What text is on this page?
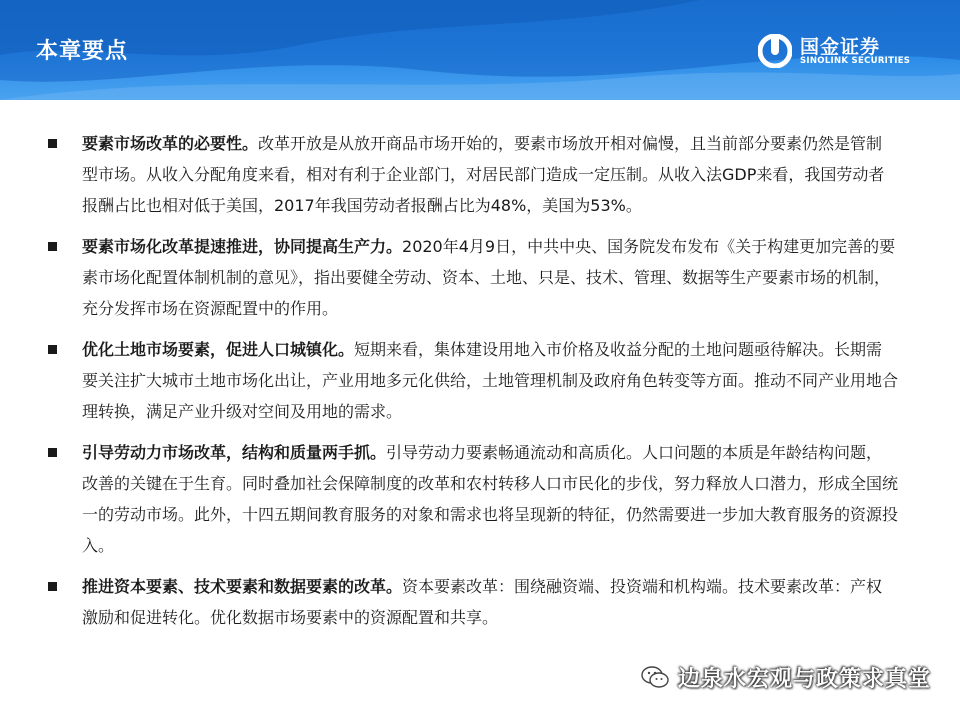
本章要点	国金证券
SINOLINK SECURITIES
要素市场改革的必要性。改革开放是从放开商品市场开始的，要素市场放开相对偏慢，且当前部分要素仍然是管制型市场。从收入分配角度来看，相对有利于企业部门，对居民部门造成一定压制。从收入法GDP来看，我国劳动者报酬占比也相对低于美国，2017年我国劳动者报酬占比为48%，美国为53%。
要素市场化改革提速推进，协同提高生产力。2020年4月9日，中共中央、国务院发布发布《关于构建更加完善的要素市场化配置体制机制的意见》，指出要健全劳动、资本、土地、只是、技术、管理、数据等生产要素市场的机制，充分发挥市场在资源配置中的作用。
优化土地市场要素，促进人口城镇化。短期来看，集体建设用地入市价格及收益分配的土地问题亟待解决。长期需要关注扩大城市土地市场化出让，产业用地多元化供给，土地管理机制及政府角色转变等方面。推动不同产业用地合理转换，满足产业升级对空间及用地的需求。
引导劳动力市场改革，结构和质量两手抓。引导劳动力要素畅通流动和高质化。人口问题的本质是年龄结构问题，改善的关键在于生育。同时叠加社会保障制度的改革和农村转移人口市民化的步伐，努力释放人口潜力，形成全国统一的劳动市场。此外，十四五期间教育服务的对象和需求也将呈现新的特征，仍然需要进一步加大教育服务的资源投入。
推进资本要素、技术要素和数据要素的改革。资本要素改革：围绕融资端、投资端和机构端。技术要素改革：产权激励和促进转化。优化数据市场要素中的资源配置和共享。
边泉水宏观与政策求真堂
